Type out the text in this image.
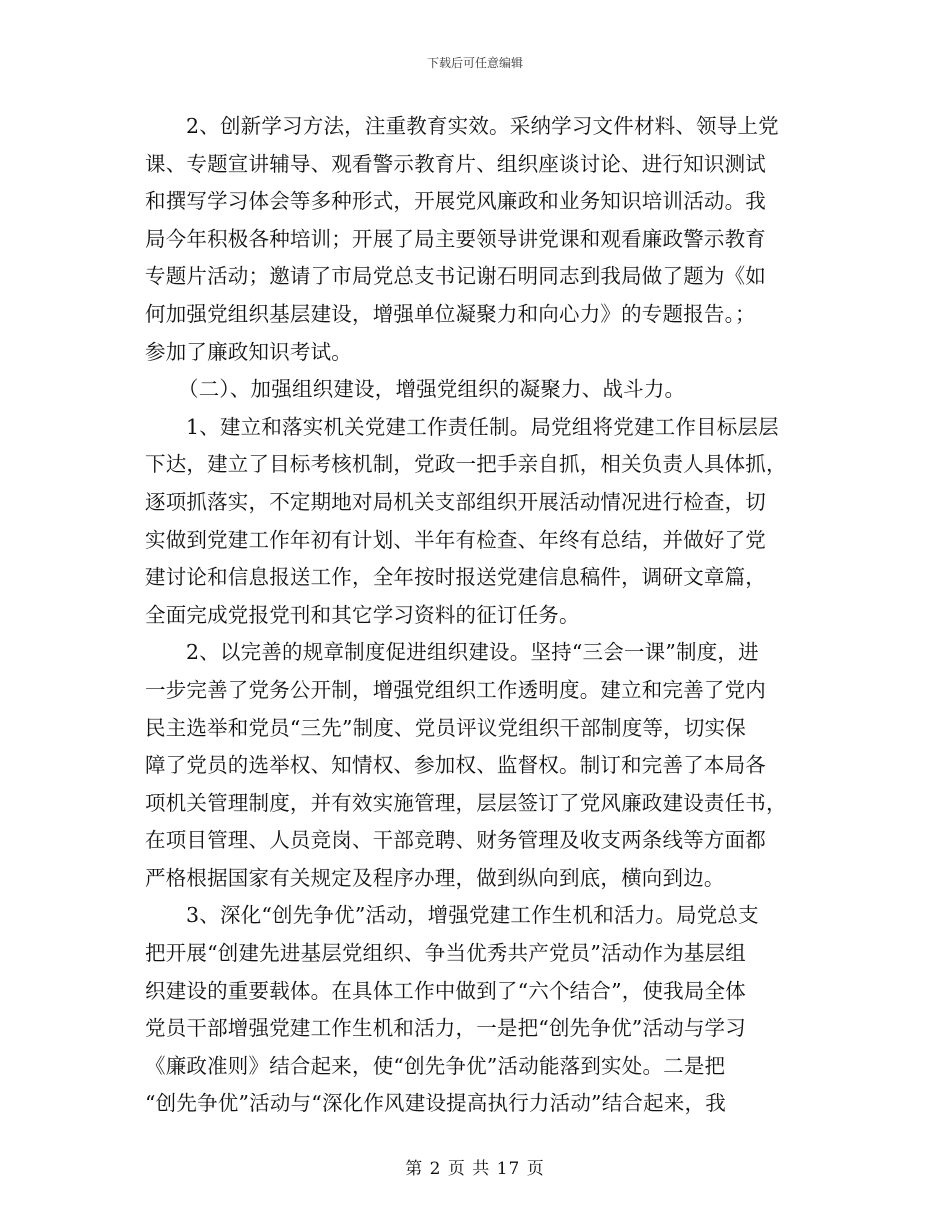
下载后可任意编辑
2、创新学习方法，注重教育实效。采纳学习文件材料、领导上党
课、专题宣讲辅导、观看警示教育片、组织座谈讨论、进行知识测试
和撰写学习体会等多种形式，开展党风廉政和业务知识培训活动。我
局今年积极各种培训；开展了局主要领导讲党课和观看廉政警示教育
专题片活动；邀请了市局党总支书记谢石明同志到我局做了题为《如
何加强党组织基层建设，增强单位凝聚力和向心力》的专题报告。；
参加了廉政知识考试。
（二）、加强组织建设，增强党组织的凝聚力、战斗力。
1、建立和落实机关党建工作责任制。局党组将党建工作目标层层
下达，建立了目标考核机制，党政一把手亲自抓，相关负责人具体抓，
逐项抓落实，不定期地对局机关支部组织开展活动情况进行检查，切
实做到党建工作年初有计划、半年有检查、年终有总结，并做好了党
建讨论和信息报送工作，全年按时报送党建信息稿件，调研文章篇，
全面完成党报党刊和其它学习资料的征订任务。
2、以完善的规章制度促进组织建设。坚持“三会一课”制度，进
一步完善了党务公开制，增强党组织工作透明度。建立和完善了党内
民主选举和党员“三先”制度、党员评议党组织干部制度等，切实保
障了党员的选举权、知情权、参加权、监督权。制订和完善了本局各
项机关管理制度，并有效实施管理，层层签订了党风廉政建设责任书，
在项目管理、人员竞岗、干部竞聘、财务管理及收支两条线等方面都
严格根据国家有关规定及程序办理，做到纵向到底，横向到边。
3、深化“创先争优”活动，增强党建工作生机和活力。局党总支
把开展“创建先进基层党组织、争当优秀共产党员”活动作为基层组
织建设的重要载体。在具体工作中做到了“六个结合”，使我局全体
党员干部增强党建工作生机和活力，一是把“创先争优”活动与学习
《廉政准则》结合起来，使“创先争优”活动能落到实处。二是把
“创先争优”活动与“深化作风建设提高执行力活动”结合起来，我
第 2 页 共 17 页
